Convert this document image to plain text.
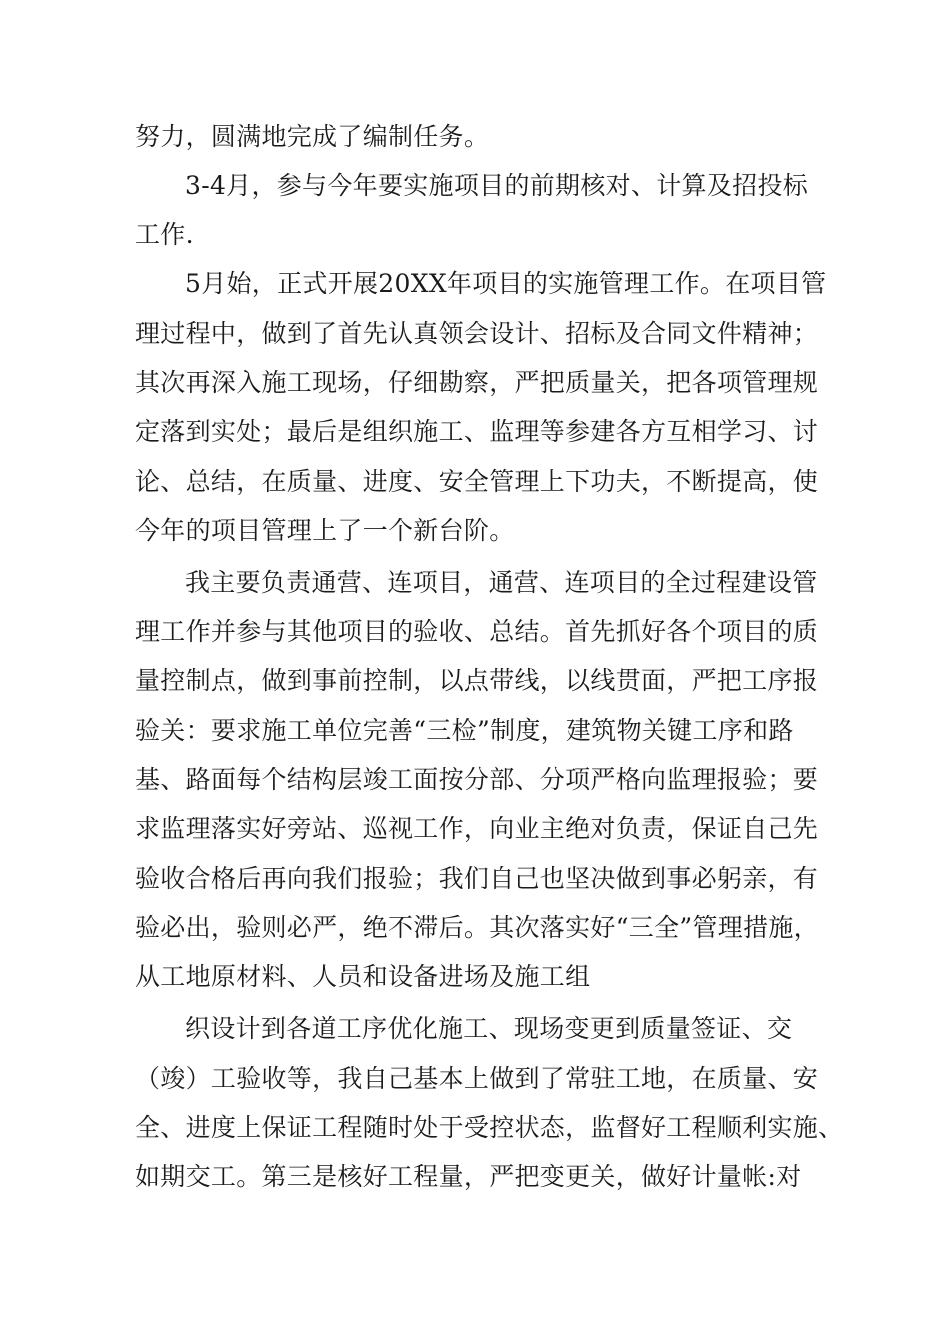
努力，圆满地完成了编制任务。
3-4月，参与今年要实施项目的前期核对、计算及招投标
工作.
5月始，正式开展20XX年项目的实施管理工作。在项目管
理过程中，做到了首先认真领会设计、招标及合同文件精神；
其次再深入施工现场，仔细勘察，严把质量关，把各项管理规
定落到实处；最后是组织施工、监理等参建各方互相学习、讨
论、总结，在质量、进度、安全管理上下功夫，不断提高，使
今年的项目管理上了一个新台阶。
我主要负责通营、连项目，通营、连项目的全过程建设管
理工作并参与其他项目的验收、总结。首先抓好各个项目的质
量控制点，做到事前控制，以点带线，以线贯面，严把工序报
验关：要求施工单位完善“三检”制度，建筑物关键工序和路
基、路面每个结构层竣工面按分部、分项严格向监理报验；要
求监理落实好旁站、巡视工作，向业主绝对负责，保证自己先
验收合格后再向我们报验；我们自己也坚决做到事必躬亲，有
验必出，验则必严，绝不滞后。其次落实好“三全”管理措施，
从工地原材料、人员和设备进场及施工组
织设计到各道工序优化施工、现场变更到质量签证、交
（竣）工验收等，我自己基本上做到了常驻工地，在质量、安
全、进度上保证工程随时处于受控状态，监督好工程顺利实施、
如期交工。第三是核好工程量，严把变更关，做好计量帐:对
